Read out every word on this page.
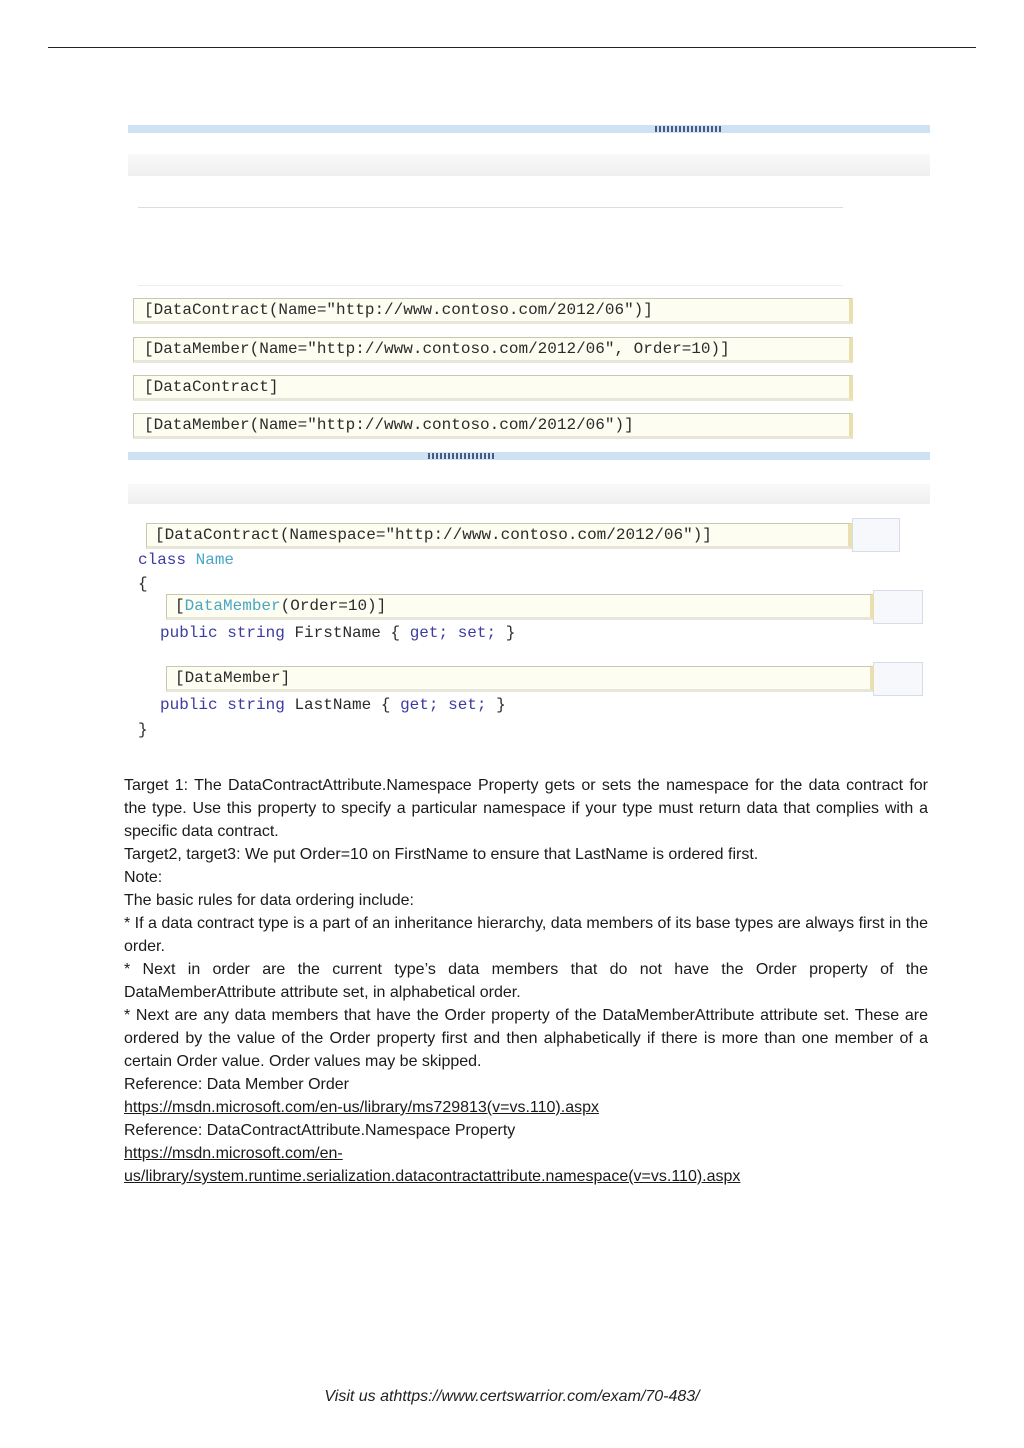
[DataContract(Name="http://www.contoso.com/2012/06")]
[DataMember(Name="http://www.contoso.com/2012/06", Order=10)]
[DataContract]
[DataMember(Name="http://www.contoso.com/2012/06")]
[DataContract(Namespace="http://www.contoso.com/2012/06")]
class Name
{
[DataMember(Order=10)]
public string FirstName { get; set; }
[DataMember]
public string LastName { get; set; }
}

Target 1: The DataContractAttribute.Namespace Property gets or sets the namespace for the data contract for the type. Use this property to specify a particular namespace if your type must return data that complies with a specific data contract.

Target2, target3: We put Order=10 on FirstName to ensure that LastName is ordered first.

Note:

The basic rules for data ordering include:

* If a data contract type is a part of an inheritance hierarchy, data members of its base types are always first in the order.

* Next in order are the current type’s data members that do not have the Order property of the DataMemberAttribute attribute set, in alphabetical order.

* Next are any data members that have the Order property of the DataMemberAttribute attribute set. These are ordered by the value of the Order property first and then alphabetically if there is more than one member of a certain Order value. Order values may be skipped.

Reference: Data Member Order

https://msdn.microsoft.com/en-us/library/ms729813(v=vs.110).aspx

Reference: DataContractAttribute.Namespace Property

https://msdn.microsoft.com/en-

us/library/system.runtime.serialization.datacontractattribute.namespace(v=vs.110).aspx

Visit us athttps://www.certswarrior.com/exam/70-483/
